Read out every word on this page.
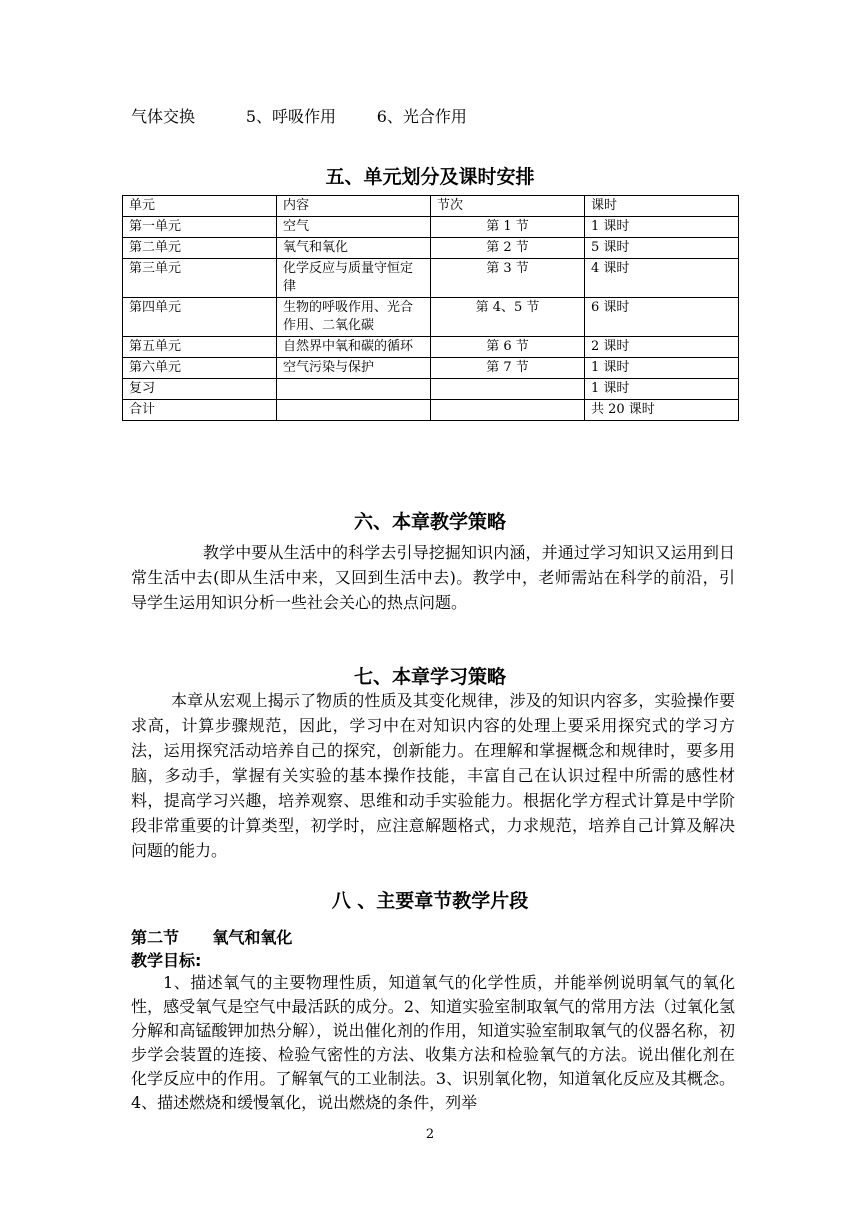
气体交换          5、呼吸作用        6、光合作用
五、单元划分及课时安排
单元	内容	节次	课时
第一单元	空气	第 1 节	1 课时
第二单元	氧气和氧化	第 2 节	5 课时
第三单元	化学反应与质量守恒定律	第 3 节	4 课时
第四单元	生物的呼吸作用、光合作用、二氧化碳	第 4、5 节	6 课时
第五单元	自然界中氧和碳的循环	第 6 节	2 课时
第六单元	空气污染与保护	第 7 节	1 课时
复习			1 课时
合计			共 20 课时
六、本章教学策略
教学中要从生活中的科学去引导挖掘知识内涵，并通过学习知识又运用到日常生活中去(即从生活中来，又回到生活中去)。教学中，老师需站在科学的前沿，引导学生运用知识分析一些社会关心的热点问题。
七、本章学习策略
本章从宏观上揭示了物质的性质及其变化规律，涉及的知识内容多，实验操作要求高，计算步骤规范，因此，学习中在对知识内容的处理上要采用探究式的学习方法，运用探究活动培养自己的探究，创新能力。在理解和掌握概念和规律时，要多用脑，多动手，掌握有关实验的基本操作技能，丰富自己在认识过程中所需的感性材料，提高学习兴趣，培养观察、思维和动手实验能力。根据化学方程式计算是中学阶段非常重要的计算类型，初学时，应注意解题格式，力求规范，培养自己计算及解决问题的能力。
八 、主要章节教学片段
第二节      氧气和氧化
教学目标:
1、描述氧气的主要物理性质，知道氧气的化学性质，并能举例说明氧气的氧化性，感受氧气是空气中最活跃的成分。2、知道实验室制取氧气的常用方法（过氧化氢分解和高锰酸钾加热分解），说出催化剂的作用，知道实验室制取氧气的仪器名称，初步学会装置的连接、检验气密性的方法、收集方法和检验氧气的方法。说出催化剂在化学反应中的作用。了解氧气的工业制法。3、识别氧化物，知道氧化反应及其概念。4、描述燃烧和缓慢氧化，说出燃烧的条件，列举
2
